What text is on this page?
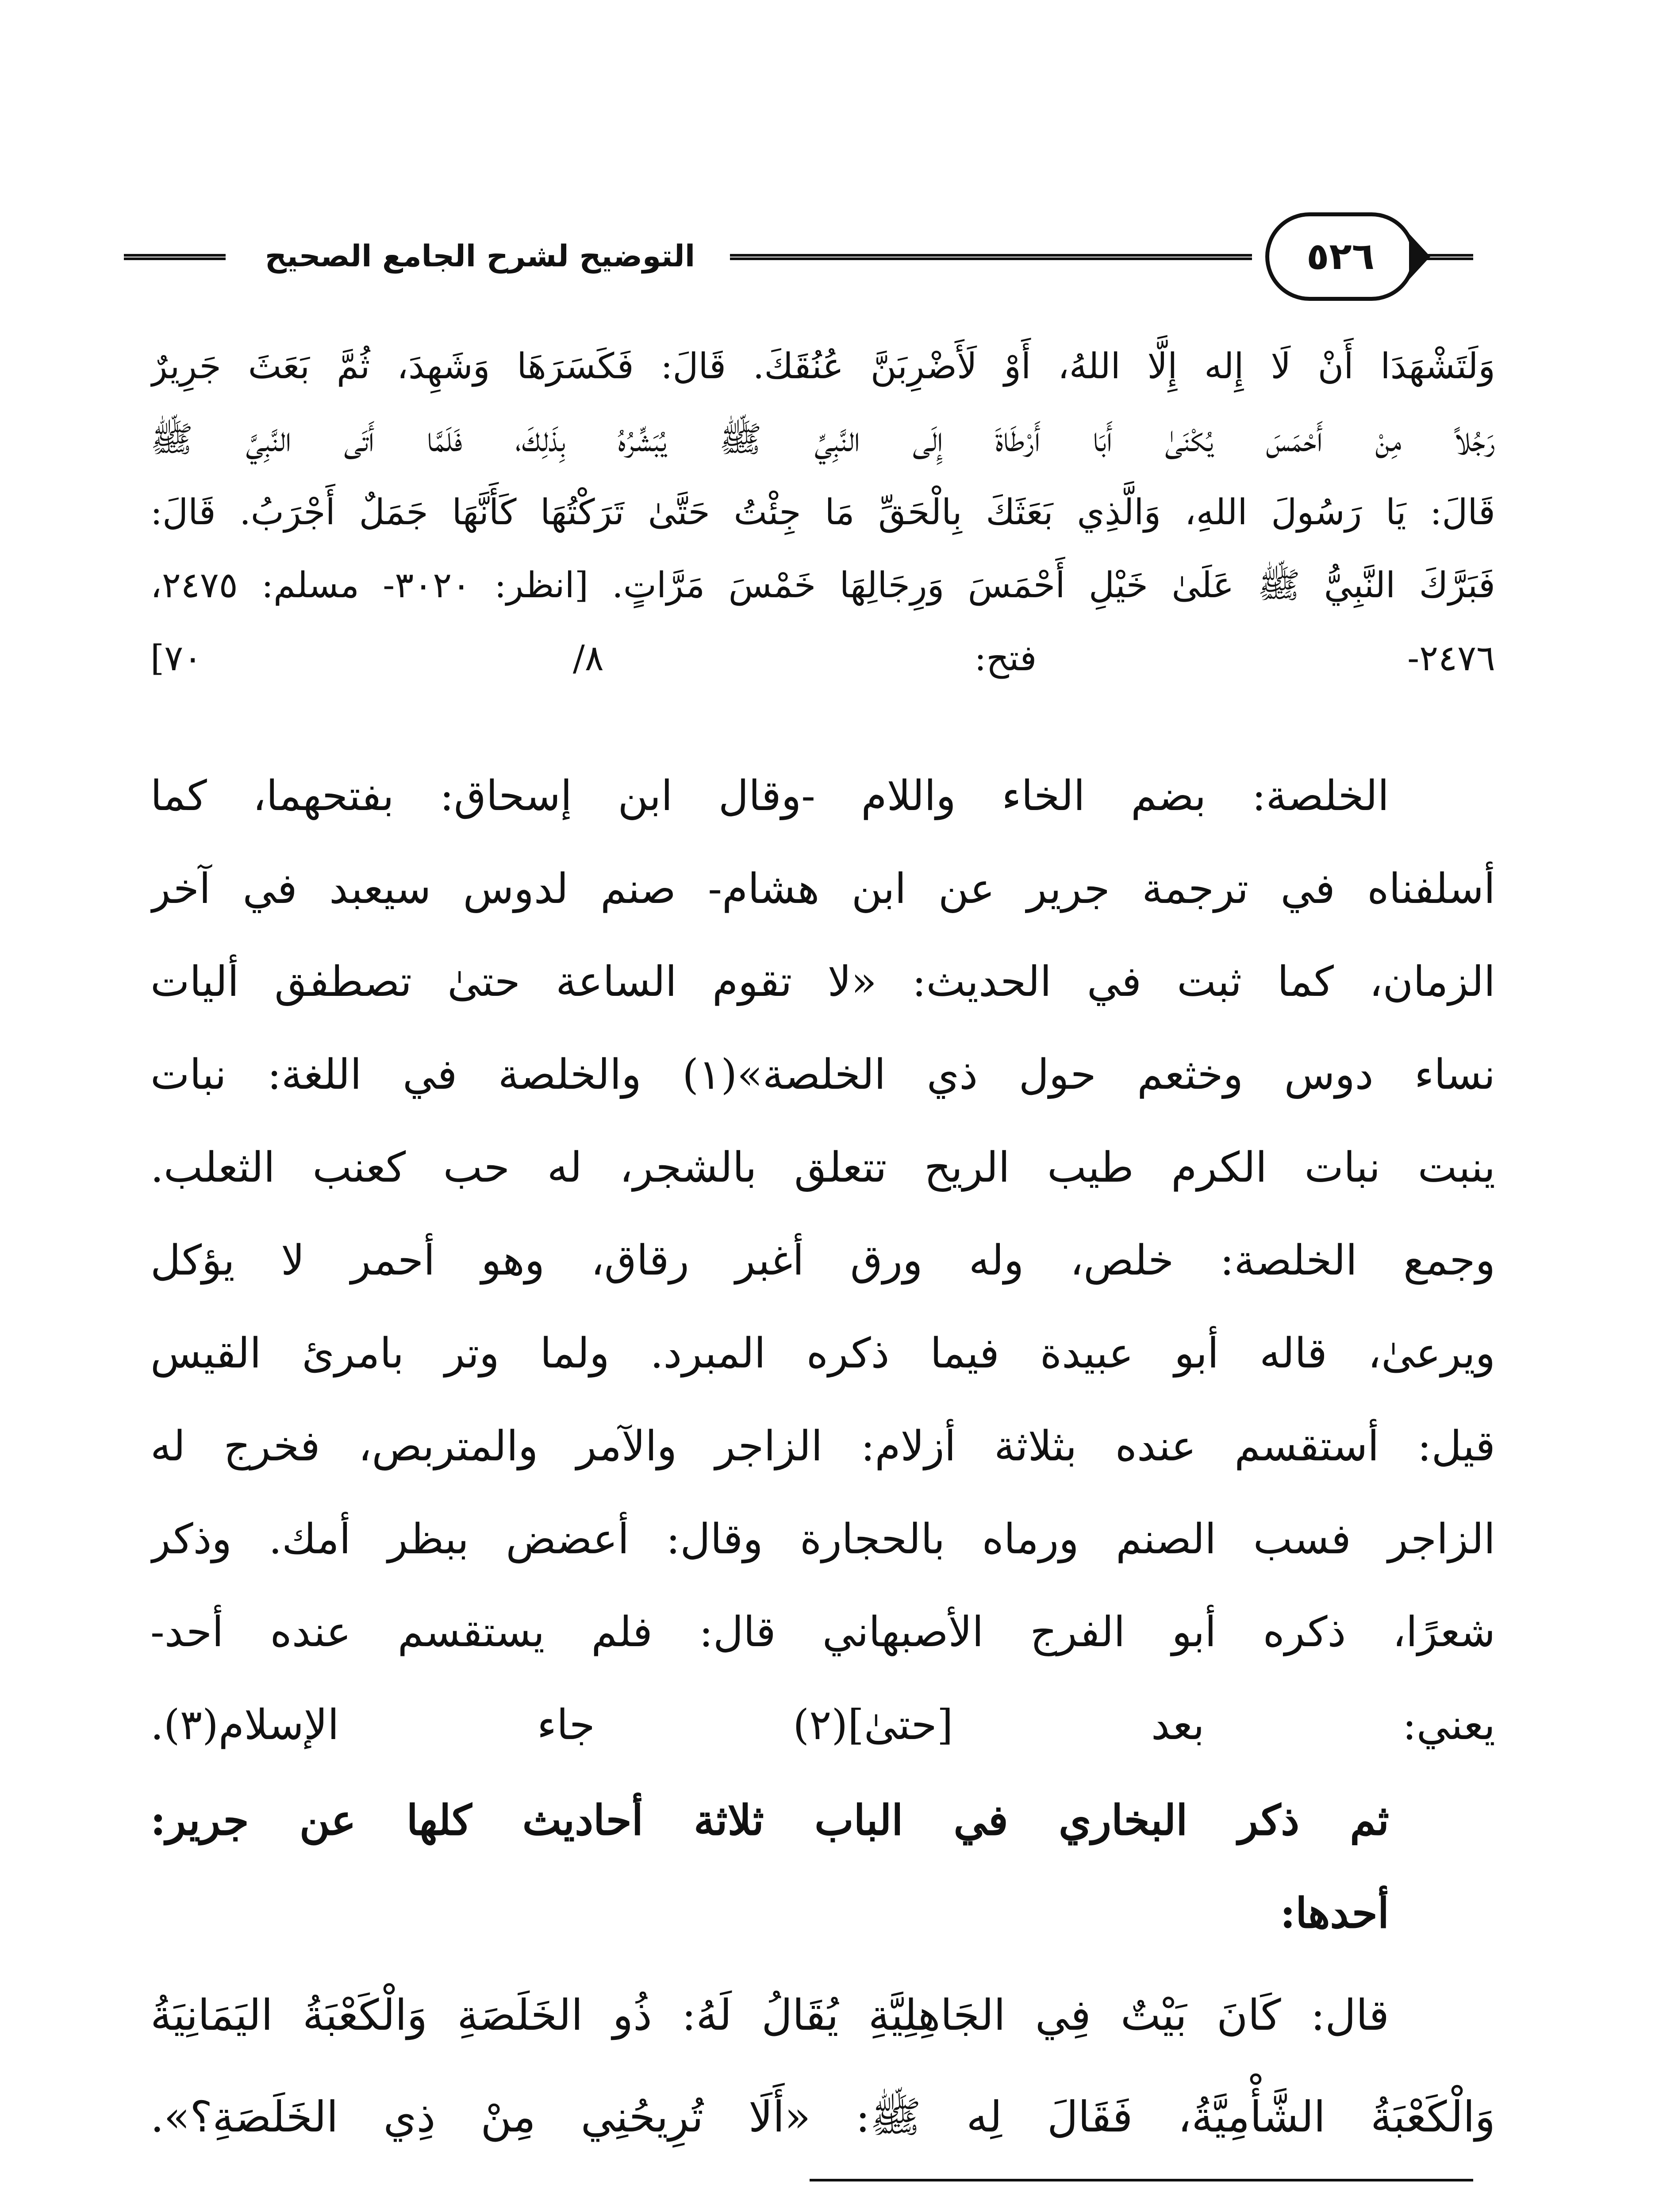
التوضيح لشرح الجامع الصحيح	٥٢٦
وَلَتَشْهَدَا أَنْ لَا إِله إِلَّا اللهُ، أَوْ لَأَضْرِبَنَّ عُنُقَكَ. قَالَ: فَكَسَرَهَا وَشَهِدَ، ثُمَّ بَعَثَ جَرِيرٌ
رَجُلاً مِنْ أَحْمَسَ يُكْنَىٰ أَبَا أَرْطَاةَ إِلَى النَّبِيِّ ﷺ يُبَشِّرُهُ بِذَلِكَ، فَلَمَّا أَتَى النَّبِيَّ ﷺ
قَالَ: يَا رَسُولَ اللهِ، وَالَّذِي بَعَثَكَ بِالْحَقِّ مَا جِئْتُ حَتَّىٰ تَرَكْتُهَا كَأَنَّهَا جَمَلٌ أَجْرَبُ. قَالَ:
فَبَرَّكَ النَّبِيُّ ﷺ عَلَىٰ خَيْلِ أَحْمَسَ وَرِجَالِهَا خَمْسَ مَرَّاتٍ. [انظر: ٣٠٢٠- مسلم: ٢٤٧٥،
٢٤٧٦- فتح: ٨/ ٧٠]
الخلصة: بضم الخاء واللام -وقال ابن إسحاق: بفتحهما، كما
أسلفناه في ترجمة جرير عن ابن هشام- صنم لدوس سيعبد في آخر
الزمان، كما ثبت في الحديث: «لا تقوم الساعة حتىٰ تصطفق أليات
نساء دوس وخثعم حول ذي الخلصة»(١) والخلصة في اللغة: نبات
ينبت نبات الكرم طيب الريح تتعلق بالشجر، له حب كعنب الثعلب.
وجمع الخلصة: خلص، وله ورق أغبر رقاق، وهو أحمر لا يؤكل
ويرعىٰ، قاله أبو عبيدة فيما ذكره المبرد. ولما وتر بامرئ القيس
قيل: أستقسم عنده بثلاثة أزلام: الزاجر والآمر والمتربص، فخرج له
الزاجر فسب الصنم ورماه بالحجارة وقال: أعضض ببظر أمك. وذكر
شعرًا، ذكره أبو الفرج الأصبهاني قال: فلم يستقسم عنده أحد-
يعني: بعد [حتىٰ](٢) جاء الإسلام(٣).
ثم ذكر البخاري في الباب ثلاثة أحاديث كلها عن جرير:
أحدها:
قال: كَانَ بَيْتٌ فِي الجَاهِلِيَّةِ يُقَالُ لَهُ: ذُو الخَلَصَةِ وَالْكَعْبَةُ اليَمَانِيَةُ
وَالْكَعْبَةُ الشَّأْمِيَّةُ، فَقَالَ لِه ﷺ: «أَلَا تُرِيحُنِي مِنْ ذِي الخَلَصَةِ؟».
